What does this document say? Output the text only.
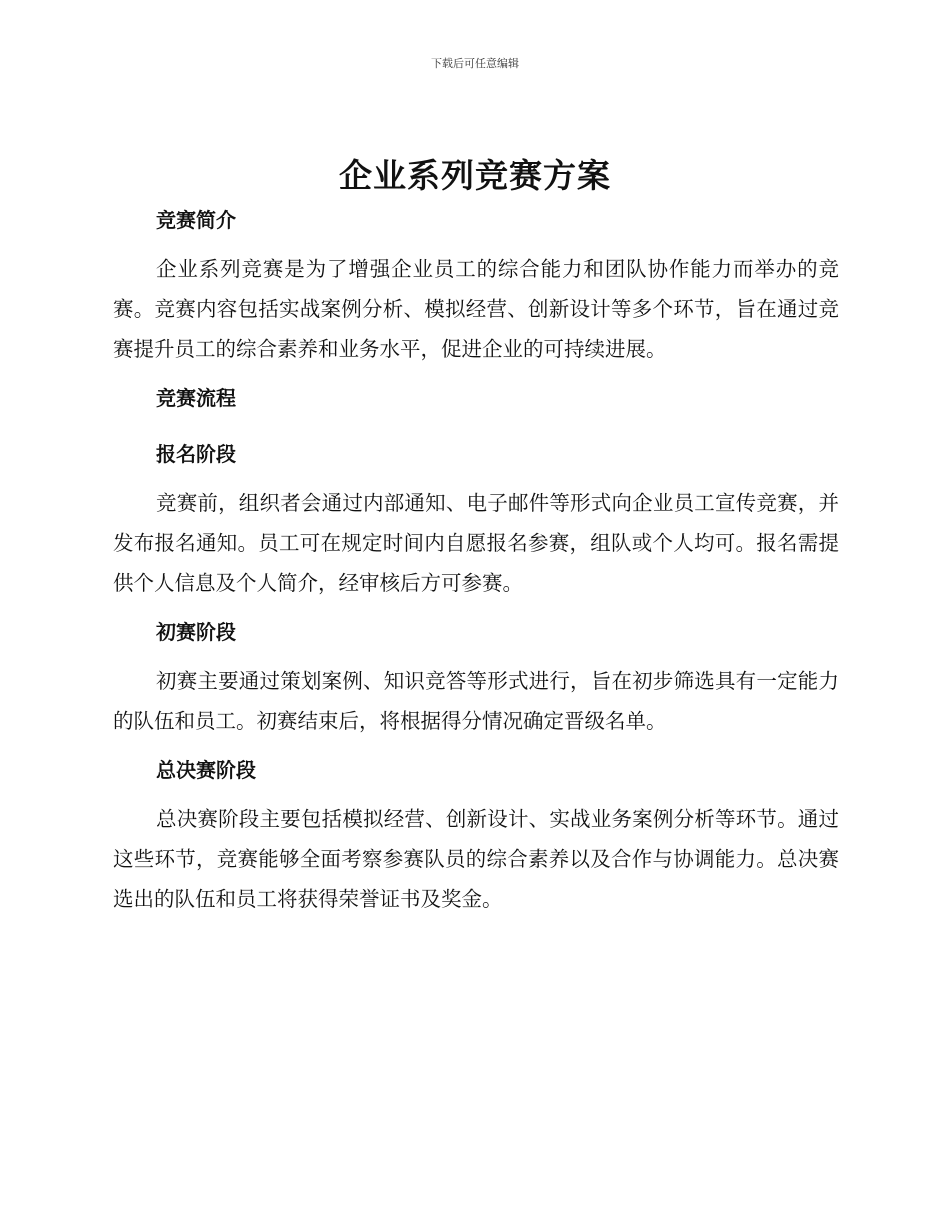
下载后可任意编辑
企业系列竞赛方案
竞赛简介

企业系列竞赛是为了增强企业员工的综合能力和团队协作能力而举办的竞赛。竞赛内容包括实战案例分析、模拟经营、创新设计等多个环节，旨在通过竞赛提升员工的综合素养和业务水平，促进企业的可持续进展。

竞赛流程
报名阶段

竞赛前，组织者会通过内部通知、电子邮件等形式向企业员工宣传竞赛，并发布报名通知。员工可在规定时间内自愿报名参赛，组队或个人均可。报名需提供个人信息及个人简介，经审核后方可参赛。

初赛阶段

初赛主要通过策划案例、知识竞答等形式进行，旨在初步筛选具有一定能力的队伍和员工。初赛结束后，将根据得分情况确定晋级名单。

总决赛阶段

总决赛阶段主要包括模拟经营、创新设计、实战业务案例分析等环节。通过这些环节，竞赛能够全面考察参赛队员的综合素养以及合作与协调能力。总决赛选出的队伍和员工将获得荣誉证书及奖金。
